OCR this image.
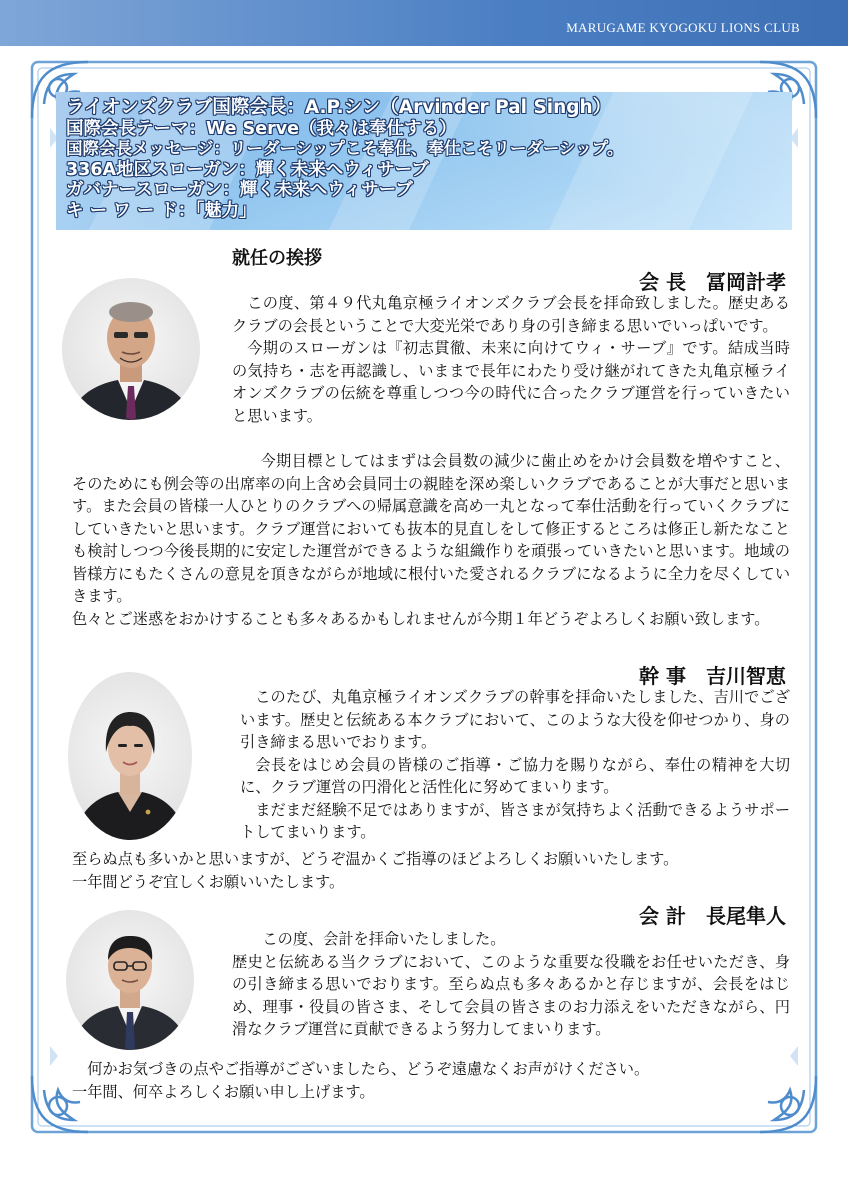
MARUGAME KYOGOKU LIONS CLUB
ライオンズクラブ国際会長：A.P.シン（Arvinder Pal Singh）
国際会長テーマ：We Serve（我々は奉仕する）
国際会長メッセージ：リーダーシップこそ奉仕、奉仕こそリーダーシップ。
336A地区スローガン：輝く未来へウィサーブ
ガバナースローガン：輝く未来へウィサーブ
キ ー ワ ー ド：「魅力」
就任の挨拶
会 長　冨岡計孝

この度、第４９代丸亀京極ライオンズクラブ会長を拝命致しました。歴史あるクラブの会長ということで大変光栄であり身の引き締まる思いでいっぱいです。

今期のスローガンは『初志貫徹、未来に向けてウィ・サーブ』です。結成当時の気持ち・志を再認識し、いままで長年にわたり受け継がれてきた丸亀京極ライオンズクラブの伝統を尊重しつつ今の時代に合ったクラブ運営を行っていきたいと思います。

今期目標としてはまずは会員数の減少に歯止めをかけ会員数を増やすこと、そのためにも例会等の出席率の向上含め会員同士の親睦を深め楽しいクラブであることが大事だと思います。また会員の皆様一人ひとりのクラブへの帰属意識を高め一丸となって奉仕活動を行っていくクラブにしていきたいと思います。クラブ運営においても抜本的見直しをして修正するところは修正し新たなことも検討しつつ今後長期的に安定した運営ができるような組織作りを頑張っていきたいと思います。地域の皆様方にもたくさんの意見を頂きながらが地域に根付いた愛されるクラブになるように全力を尽くしていきます。

色々とご迷惑をおかけすることも多々あるかもしれませんが今期１年どうぞよろしくお願い致します。

幹 事　吉川智恵

このたび、丸亀京極ライオンズクラブの幹事を拝命いたしました、吉川でございます。歴史と伝統ある本クラブにおいて、このような大役を仰せつかり、身の引き締まる思いでおります。

会長をはじめ会員の皆様のご指導・ご協力を賜りながら、奉仕の精神を大切に、クラブ運営の円滑化と活性化に努めてまいります。

まだまだ経験不足ではありますが、皆さまが気持ちよく活動できるようサポートしてまいります。

至らぬ点も多いかと思いますが、どうぞ温かくご指導のほどよろしくお願いいたします。

一年間どうぞ宜しくお願いいたします。

会 計　長尾隼人

この度、会計を拝命いたしました。

歴史と伝統ある当クラブにおいて、このような重要な役職をお任せいただき、身の引き締まる思いでおります。至らぬ点も多々あるかと存じますが、会長をはじめ、理事・役員の皆さま、そして会員の皆さまのお力添えをいただきながら、円滑なクラブ運営に貢献できるよう努力してまいります。

何かお気づきの点やご指導がございましたら、どうぞ遠慮なくお声がけください。

一年間、何卒よろしくお願い申し上げます。
